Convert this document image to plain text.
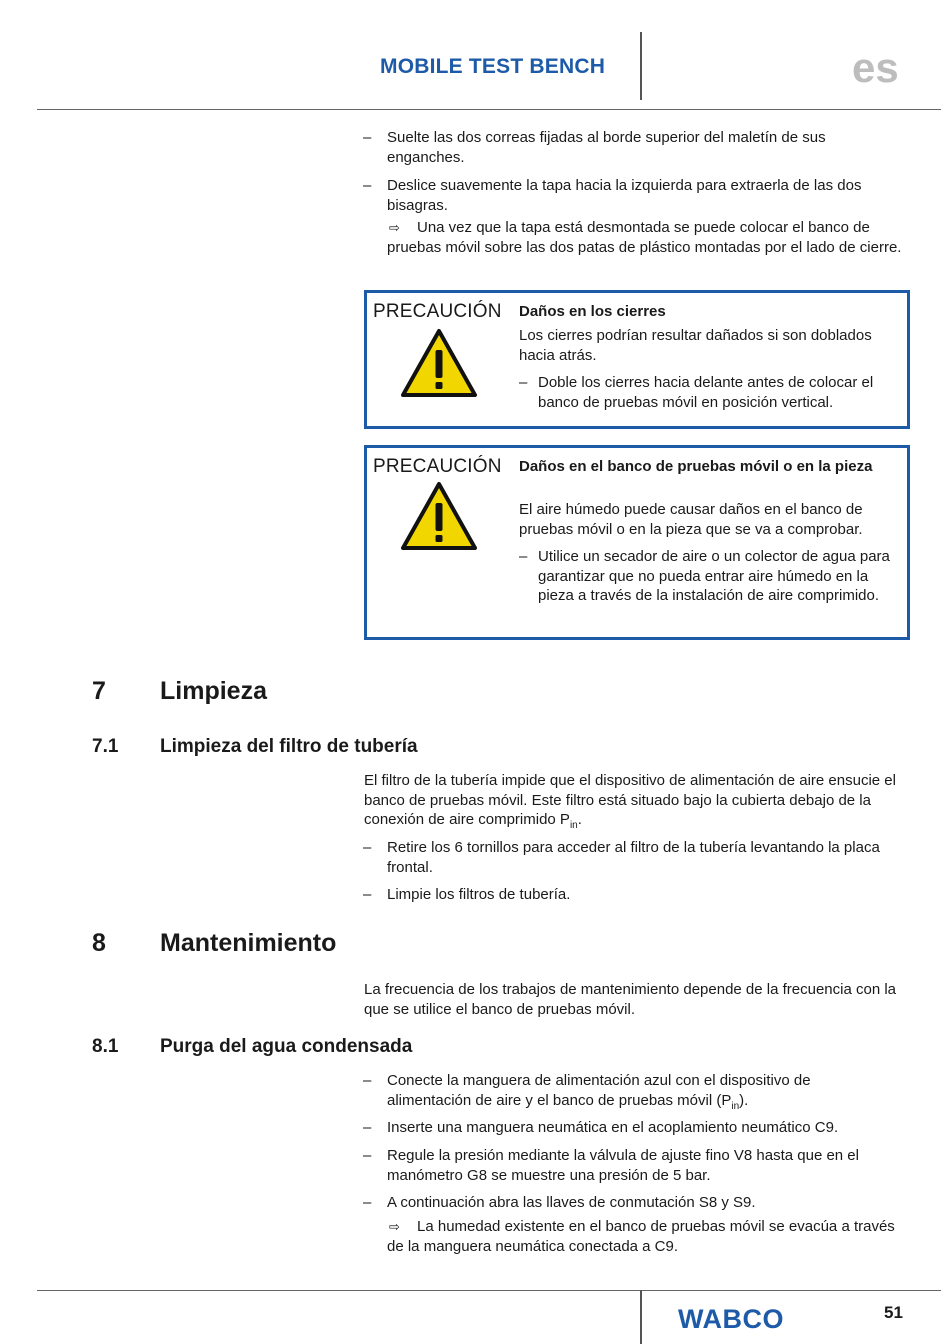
MOBILE TEST BENCH	es
– Suelte las dos correas fijadas al borde superior del maletín de sus enganches.
– Deslice suavemente la tapa hacia la izquierda para extraerla de las dos bisagras.
⇨ Una vez que la tapa está desmontada se puede colocar el banco de pruebas móvil sobre las dos patas de plástico montadas por el lado de cierre.
PRECAUCIÓN Daños en los cierres
Los cierres podrían resultar dañados si son doblados hacia atrás.
– Doble los cierres hacia delante antes de colocar el banco de pruebas móvil en posición vertical.
PRECAUCIÓN Daños en el banco de pruebas móvil o en la pieza
El aire húmedo puede causar daños en el banco de pruebas móvil o en la pieza que se va a comprobar.
– Utilice un secador de aire o un colector de agua para garantizar que no pueda entrar aire húmedo en la pieza a través de la instalación de aire comprimido.
7 Limpieza
7.1 Limpieza del filtro de tubería
El filtro de la tubería impide que el dispositivo de alimentación de aire ensucie el banco de pruebas móvil. Este filtro está situado bajo la cubierta debajo de la conexión de aire comprimido $P_{in}$.
– Retire los 6 tornillos para acceder al filtro de la tubería levantando la placa frontal.
– Limpie los filtros de tubería.
8 Mantenimiento
La frecuencia de los trabajos de mantenimiento depende de la frecuencia con la que se utilice el banco de pruebas móvil.
8.1 Purga del agua condensada
– Conecte la manguera de alimentación azul con el dispositivo de alimentación de aire y el banco de pruebas móvil $(P_{in})$.
– Inserte una manguera neumática en el acoplamiento neumático C9.
– Regule la presión mediante la válvula de ajuste fino V8 hasta que en el manómetro G8 se muestre una presión de 5 bar.
– A continuación abra las llaves de conmutación S8 y S9.
⇨ La humedad existente en el banco de pruebas móvil se evacúa a través de la manguera neumática conectada a C9.
WABCO	51
